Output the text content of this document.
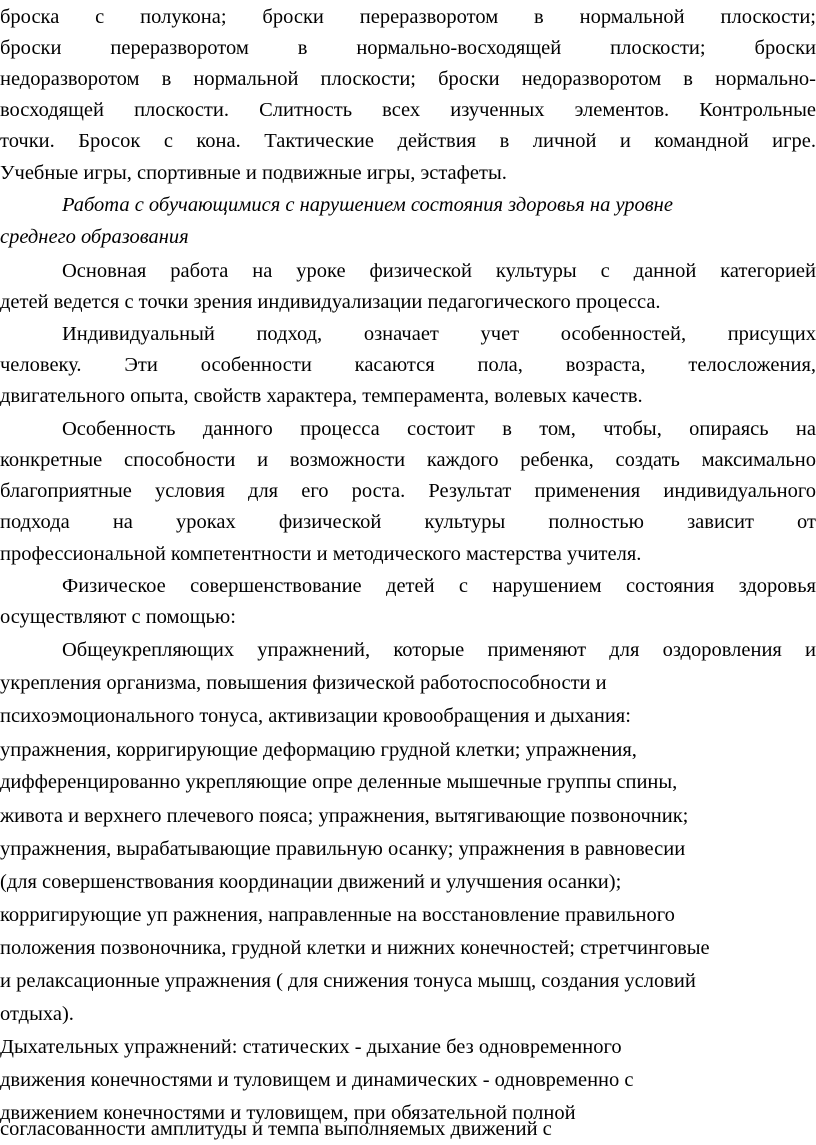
броска с полукона; броски переразворотом в нормальной плоскости;
броски переразворотом в нормально-восходящей плоскости; броски
недоразворотом в нормальной плоскости; броски недоразворотом в нормально-
восходящей плоскости. Слитность всех изученных элементов. Контрольные
точки. Бросок с кона. Тактические действия в личной и командной игре.
Учебные игры, спортивные и подвижные игры, эстафеты.
Работа с обучающимися с нарушением состояния здоровья на уровне
среднего образования
Основная работа на уроке физической культуры с данной категорией
детей ведется с точки зрения индивидуализации педагогического процесса.
Индивидуальный подход, означает учет особенностей, присущих
человеку. Эти особенности касаются пола, возраста, телосложения,
двигательного опыта, свойств характера, темперамента, волевых качеств.
Особенность данного процесса состоит в том, чтобы, опираясь на
конкретные способности и возможности каждого ребенка, создать максимально
благоприятные условия для его роста. Результат применения индивидуального
подхода на уроках физической культуры полностью зависит от
профессиональной компетентности и методического мастерства учителя.
Физическое совершенствование детей с нарушением состояния здоровья
осуществляют с помощью:
Общеукрепляющих упражнений, которые применяют для оздоровления и
укрепления организма, повышения физической работоспособности и
психоэмоционального тонуса, активизации кровообращения и дыхания:
упражнения, корригирующие деформацию грудной клетки; упражнения,
дифференцированно укрепляющие опре деленные мышечные группы спины,
живота и верхнего плечевого пояса; упражнения, вытягивающие позвоночник;
упражнения, вырабатывающие правильную осанку; упражнения в равновесии
(для совершенствования координации движений и улучшения осанки);
корригирующие уп ражнения, направленные на восстановление правильного
положения позвоночника, грудной клетки и нижних конечностей; стретчинговые
и релаксационные упражнения ( для снижения тонуса мышц, создания условий
отдыха).
Дыхательных упражнений: статических - дыхание без одновременного
движения конечностями и туловищем и динамических - одновременно с
движением конечностями и туловищем, при обязательной полной
согласованности амплитуды и темпа выполняемых движений с
